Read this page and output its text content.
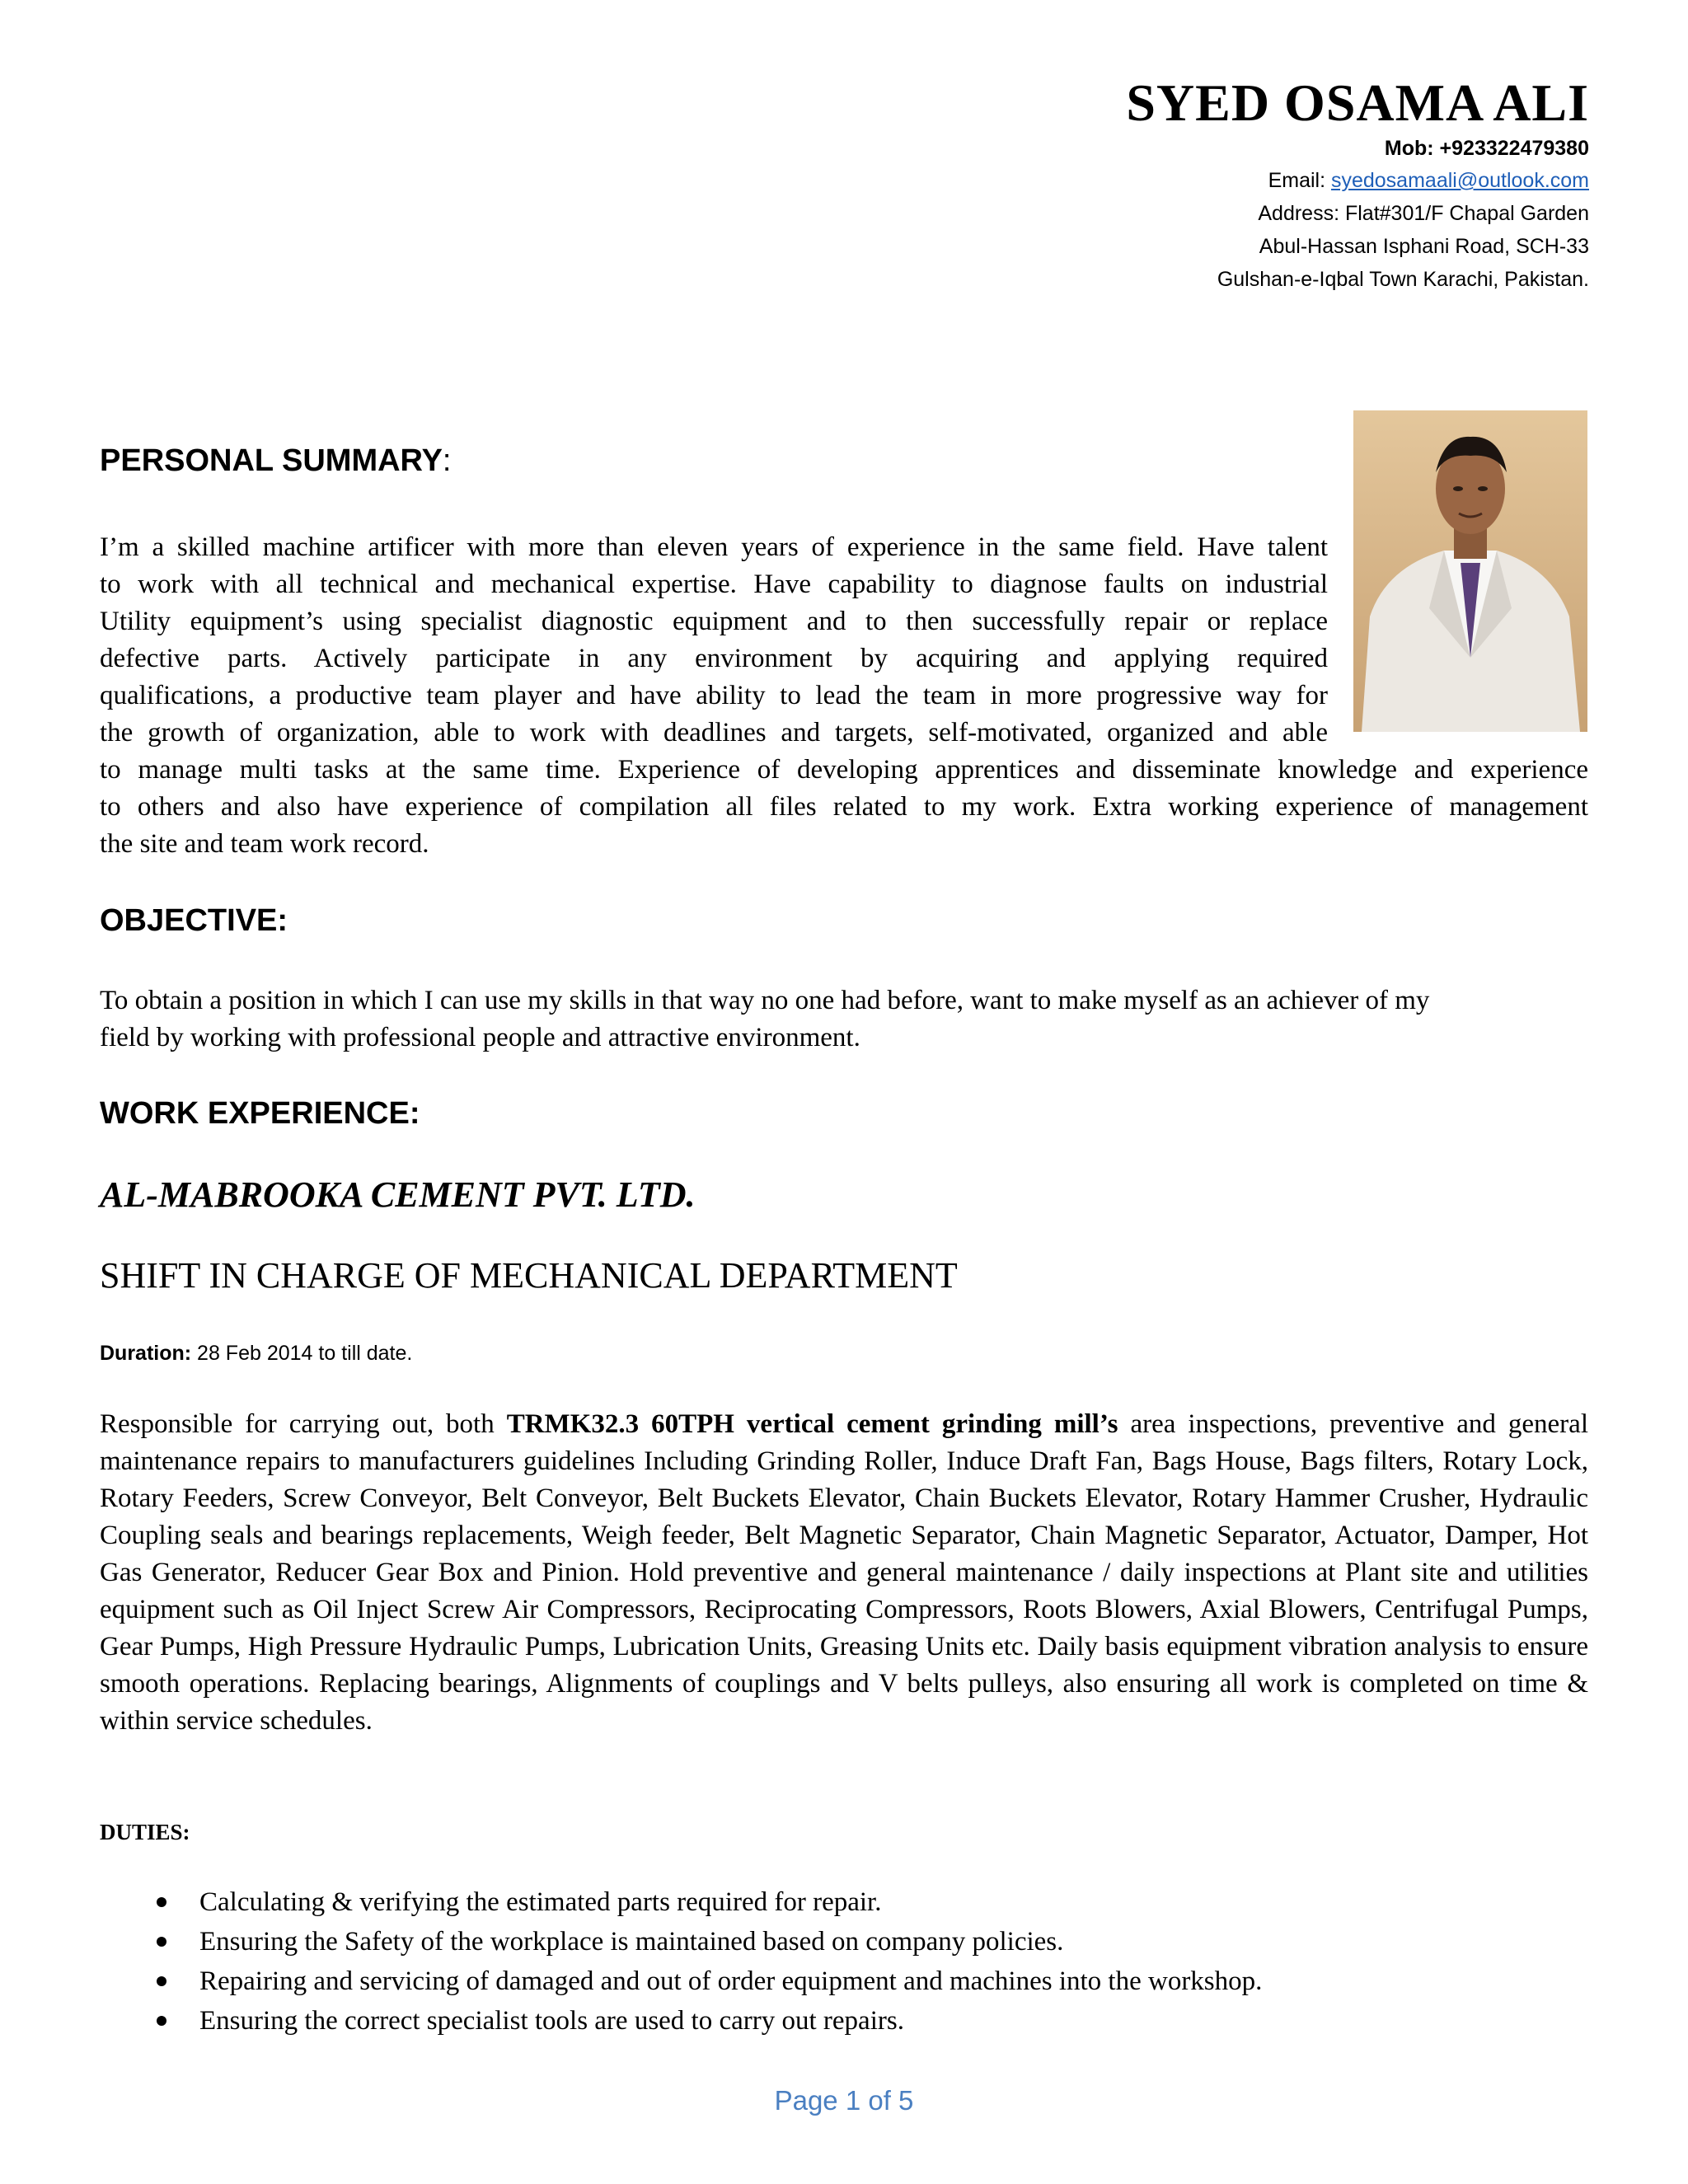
SYED OSAMA ALI
Mob: +923322479380
Email: syedosamaali@outlook.com
Address: Flat#301/F Chapal Garden
Abul-Hassan Isphani Road, SCH-33
Gulshan-e-Iqbal Town Karachi, Pakistan.
PERSONAL SUMMARY:
I’m a skilled machine artificer with more than eleven years of experience in the same field. Have talent
to work with all technical and mechanical expertise. Have capability to diagnose faults on industrial
Utility equipment’s using specialist diagnostic equipment and to then successfully repair or replace
defective parts. Actively participate in any environment by acquiring and applying required
qualifications, a productive team player and have ability to lead the team in more progressive way for
the growth of organization, able to work with deadlines and targets, self-motivated, organized and able
to manage multi tasks at the same time. Experience of developing apprentices and disseminate knowledge and experience
to others and also have experience of compilation all files related to my work. Extra working experience of management
the site and team work record.
OBJECTIVE:
To obtain a position in which I can use my skills in that way no one had before, want to make myself as an achiever of my
field by working with professional people and attractive environment.
WORK EXPERIENCE:
AL-MABROOKA CEMENT PVT. LTD.
SHIFT IN CHARGE OF MECHANICAL DEPARTMENT
Duration: 28 Feb 2014 to till date.
Responsible for carrying out, both TRMK32.3 60TPH vertical cement grinding mill’s area inspections, preventive and general maintenance repairs to manufacturers guidelines Including Grinding Roller, Induce Draft Fan, Bags House, Bags filters, Rotary Lock, Rotary Feeders, Screw Conveyor, Belt Conveyor, Belt Buckets Elevator, Chain Buckets Elevator, Rotary Hammer Crusher, Hydraulic Coupling seals and bearings replacements, Weigh feeder, Belt Magnetic Separator, Chain Magnetic Separator, Actuator, Damper, Hot Gas Generator, Reducer Gear Box and Pinion. Hold preventive and general maintenance / daily inspections at Plant site and utilities equipment such as Oil Inject Screw Air Compressors, Reciprocating Compressors, Roots Blowers, Axial Blowers, Centrifugal Pumps, Gear Pumps, High Pressure Hydraulic Pumps, Lubrication Units, Greasing Units etc. Daily basis equipment vibration analysis to ensure smooth operations. Replacing bearings, Alignments of couplings and V belts pulleys, also ensuring all work is completed on time & within service schedules.
DUTIES:
Calculating & verifying the estimated parts required for repair.
Ensuring the Safety of the workplace is maintained based on company policies.
Repairing and servicing of damaged and out of order equipment and machines into the workshop.
Ensuring the correct specialist tools are used to carry out repairs.
Page 1 of 5
